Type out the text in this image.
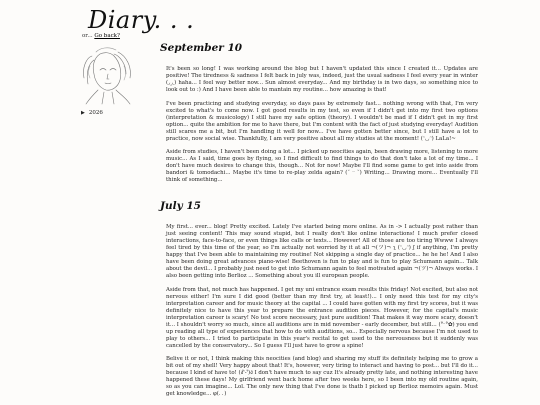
Diary. . .
or... Go back?
▶ 2026
September 10

It's been so long! I was working around the blog but I haven't updated this since I created it... Updates are positive! The tiredness & sadness I felt back in july was, indeed, just the usual sadness I feel every year in winter (◞‸◟) haha... I feel way better now... Sun almost everyday... And my birthday is in two days, so something nice to look out to :) And I have been able to mantain my routine... how amazing is that!

I've been practicing and studying everyday, so days pass by extremely fast... nothing wrong with that, I'm very excited to what's to come now. I got good results in my test, so even if I didn't get into my first two options (interpretation & musicology) I still have my safe option (theory). I wouldn't be mad if I didn't get in my first option... quite the ambition for me to have there, but I'm content with the fact of just studying everyday! Audition still scares me a bit, but I'm handling it well for now... I've have gotten better since, but I still have a lot to practice, now social wise. Thankfully, I am very positive about all my studies at the moment! (ᵔ◡ᵔ) LaLa!~

Aside from studies, I haven't been doing a lot... I picked up neocities again, been drawing more, listening to more music... As I said, time goes by flying, so I find difficult to find things to do that don't take a lot of my time... I don't have much desires to change this, though... Not for now! Maybe I'll find some game to get into aside from bandori & tomodachi... Maybe it's time to re-play zelda again? (˘ ᵕ ˘) Writing... Drawing more... Eventually I'll think of something...

July 15

My first... ever... blog! Pretty excited. Lately I've started being more online. As in -> I actually post rather than just seeing content! This may sound stupid, but I really don't like online interactions! I much prefer closed interactions, face-to-face, or even things like calls or texts... However! All of those are too tiring Wwww I always feel tired by this time of the year, so I'm actually not worried by it at all ¬(ツ)¬ ʅ (ᵔ◡ᵔ) ʃ if anything, I'm pretty happy that I've been able to maintaining my routine! Not skipping a single day of practice... he he he! And I also have been doing great advances piano-wise! Beethoven is fun to play and is fun to play Schumann again... Talk about the devil... I probably just need to get into Schumann again to feel motivated again ¬(ツ)¬ Always works. I also been getting into Berlioz ... Something about you ill european people.

Aside from that, not much has happened. I get my uni entrance exam results this friday! Not excited, but also not nervous either! I'm sure I did good (better than my first try, at least!)... I only need this test for my city's interpretation career and for music theory at the capital ... I could have gotten with my first try scores, but it was definitely nice to have this year to prepare the entrance audition pieces. However, for the capital's music interpretation career is scary! No test score necessary, just pure audition! That makes it way more scary, doesn't it... I shouldn't worry so much, since all auditions are in mid november - early december, but still... (°ᵕ°✿) you end up reading all type of experiences that how to do with auditions, so... Especially nervous because I'm not used to play to others... I tried to participate in this year's recital to get used to the nervousness but it suddenly was cancelled by the conservatory... So I guess I'll just have to grow a spine!

Belive it or not, I think making this neocities (and blog) and sharing my stuff its definitely helping me to grow a bit out of my shell! Very happy about that! It's, however, very tiring to interact and having to post... but I'll do it... because I kind of have to! (ง'̀-'́)ง I don't have much to say cuz It's already pretty late, and nothing interesting have happened these days! My girlfriend went back home after two weeks here, so I been into my old routine again, so as you can imagine... Lol. The only new thing that I've done is thatb I picked up Berlioz memoirs again. Must get knowledge... φ(．．)
